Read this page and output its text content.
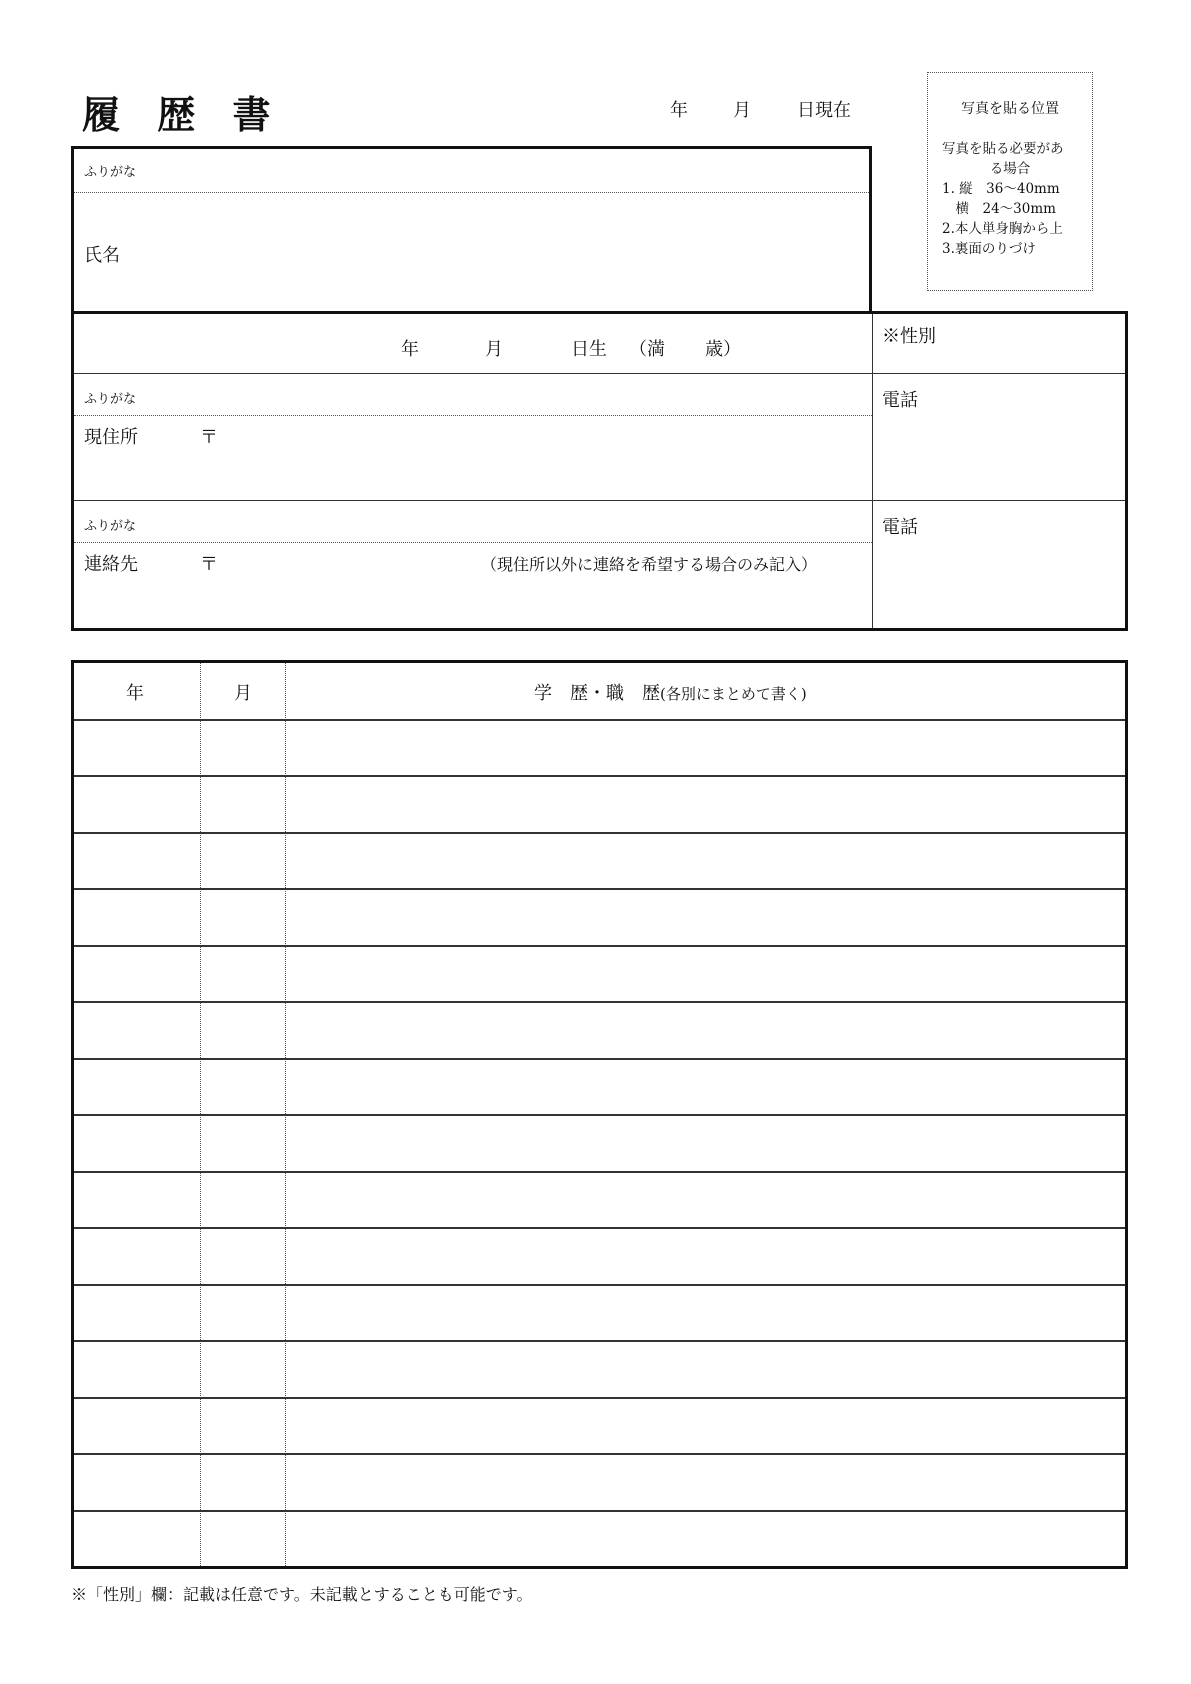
履 歴 書	年	月	日現在	写真を貼る位置
写真を貼る必要があ
る場合
1. 縦　36～40mm
　横　24～30mm
2.本人単身胸から上
3.裏面のりづけ
ふりがな
氏名
年	月	日生 （満 歳）
※性別
ふりがな
現住所	〒
電話
ふりがな
連絡先	〒	（現住所以外に連絡を希望する場合のみ記入）
電話
年	月	学　歴・職　歴(各別にまとめて書く)
※「性別」欄：記載は任意です。未記載とすることも可能です。
